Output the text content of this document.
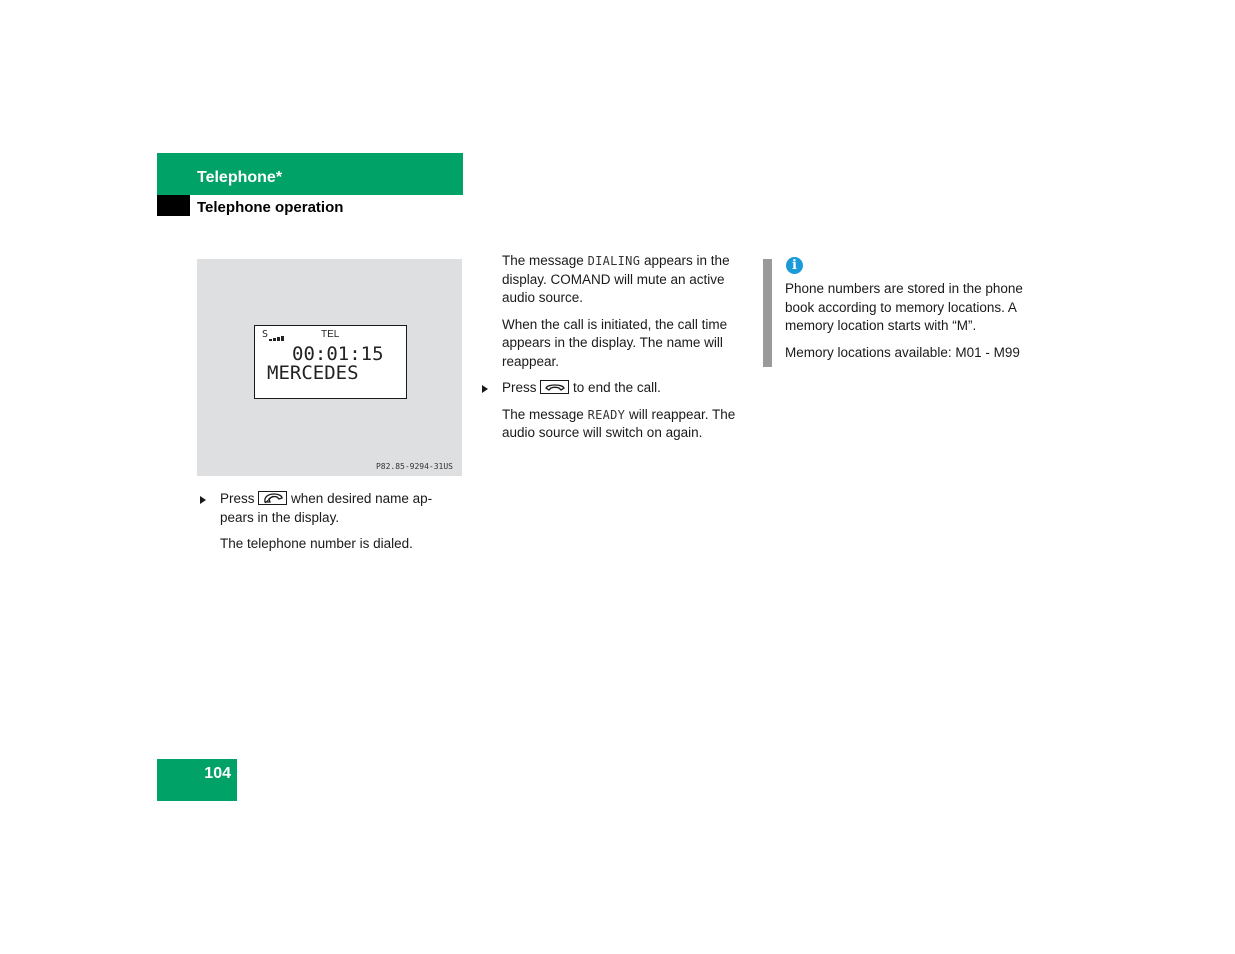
Telephone*
Telephone operation
S	TEL
00:01:15
MERCEDES
P82.85-9294-31US

Press	when desired name ap-
pears in the display.

The telephone number is dialed.

The message DIALING appears in the display. COMAND will mute an active audio source.

When the call is initiated, the call time appears in the display. The name will reappear.

Press	to end the call.

The message READY will reappear. The audio source will switch on again.

i

Phone numbers are stored in the phone book according to memory locations. A memory location starts with “M”.

Memory locations available: M01 - M99

104
